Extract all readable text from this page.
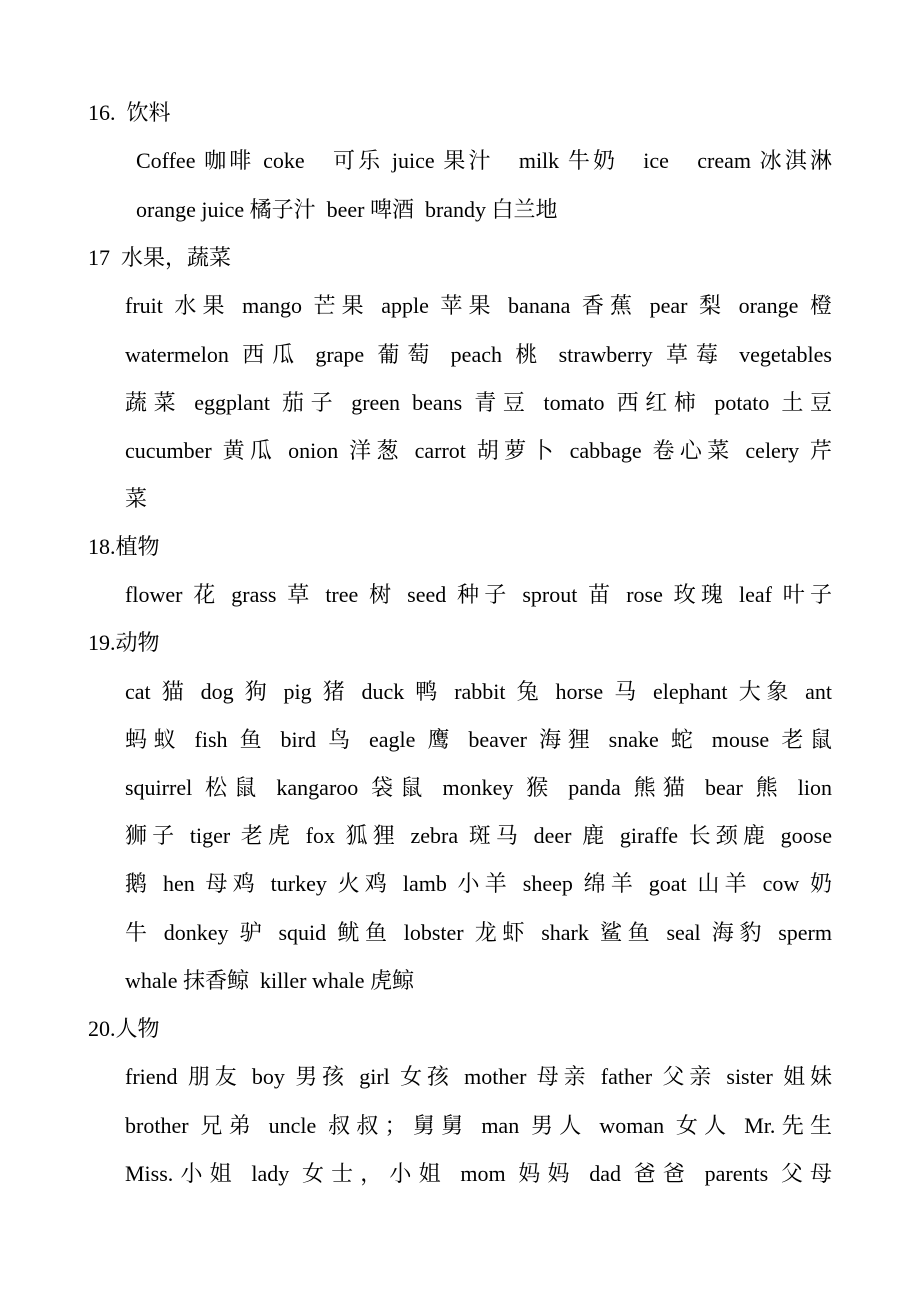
16.  饮料
Coffee 咖啡 coke　可乐 juice 果汁　milk 牛奶　ice　cream 冰淇淋
orange juice 橘子汁  beer 啤酒  brandy 白兰地
17  水果，蔬菜
fruit 水果 mango 芒果 apple 苹果 banana 香蕉 pear 梨 orange 橙
watermelon 西瓜 grape 葡萄 peach 桃 strawberry 草莓 vegetables
蔬菜 eggplant 茄子 green beans 青豆 tomato 西红柿 potato 土豆
cucumber 黄瓜 onion 洋葱 carrot 胡萝卜 cabbage 卷心菜 celery 芹
菜
18.植物
flower 花 grass 草 tree 树 seed 种子 sprout 苗 rose 玫瑰 leaf 叶子
19.动物
cat 猫 dog 狗 pig 猪 duck 鸭 rabbit 兔 horse 马 elephant 大象 ant
蚂蚁 fish 鱼 bird 鸟 eagle 鹰 beaver 海狸 snake 蛇 mouse 老鼠
squirrel 松鼠 kangaroo 袋鼠 monkey 猴 panda 熊猫 bear 熊 lion
狮子 tiger 老虎 fox 狐狸 zebra 斑马 deer 鹿 giraffe 长颈鹿 goose
鹅 hen 母鸡 turkey 火鸡 lamb 小羊 sheep 绵羊 goat 山羊 cow 奶
牛 donkey 驴 squid 鱿鱼 lobster 龙虾 shark 鲨鱼 seal 海豹 sperm
whale 抹香鲸  killer whale 虎鲸
20.人物
friend 朋友 boy 男孩 girl 女孩 mother 母亲 father 父亲 sister 姐妹
brother 兄弟 uncle 叔叔；舅舅 man 男人 woman 女人 Mr.先生
Miss.小姐 lady 女士，小姐 mom 妈妈 dad 爸爸 parents 父母
